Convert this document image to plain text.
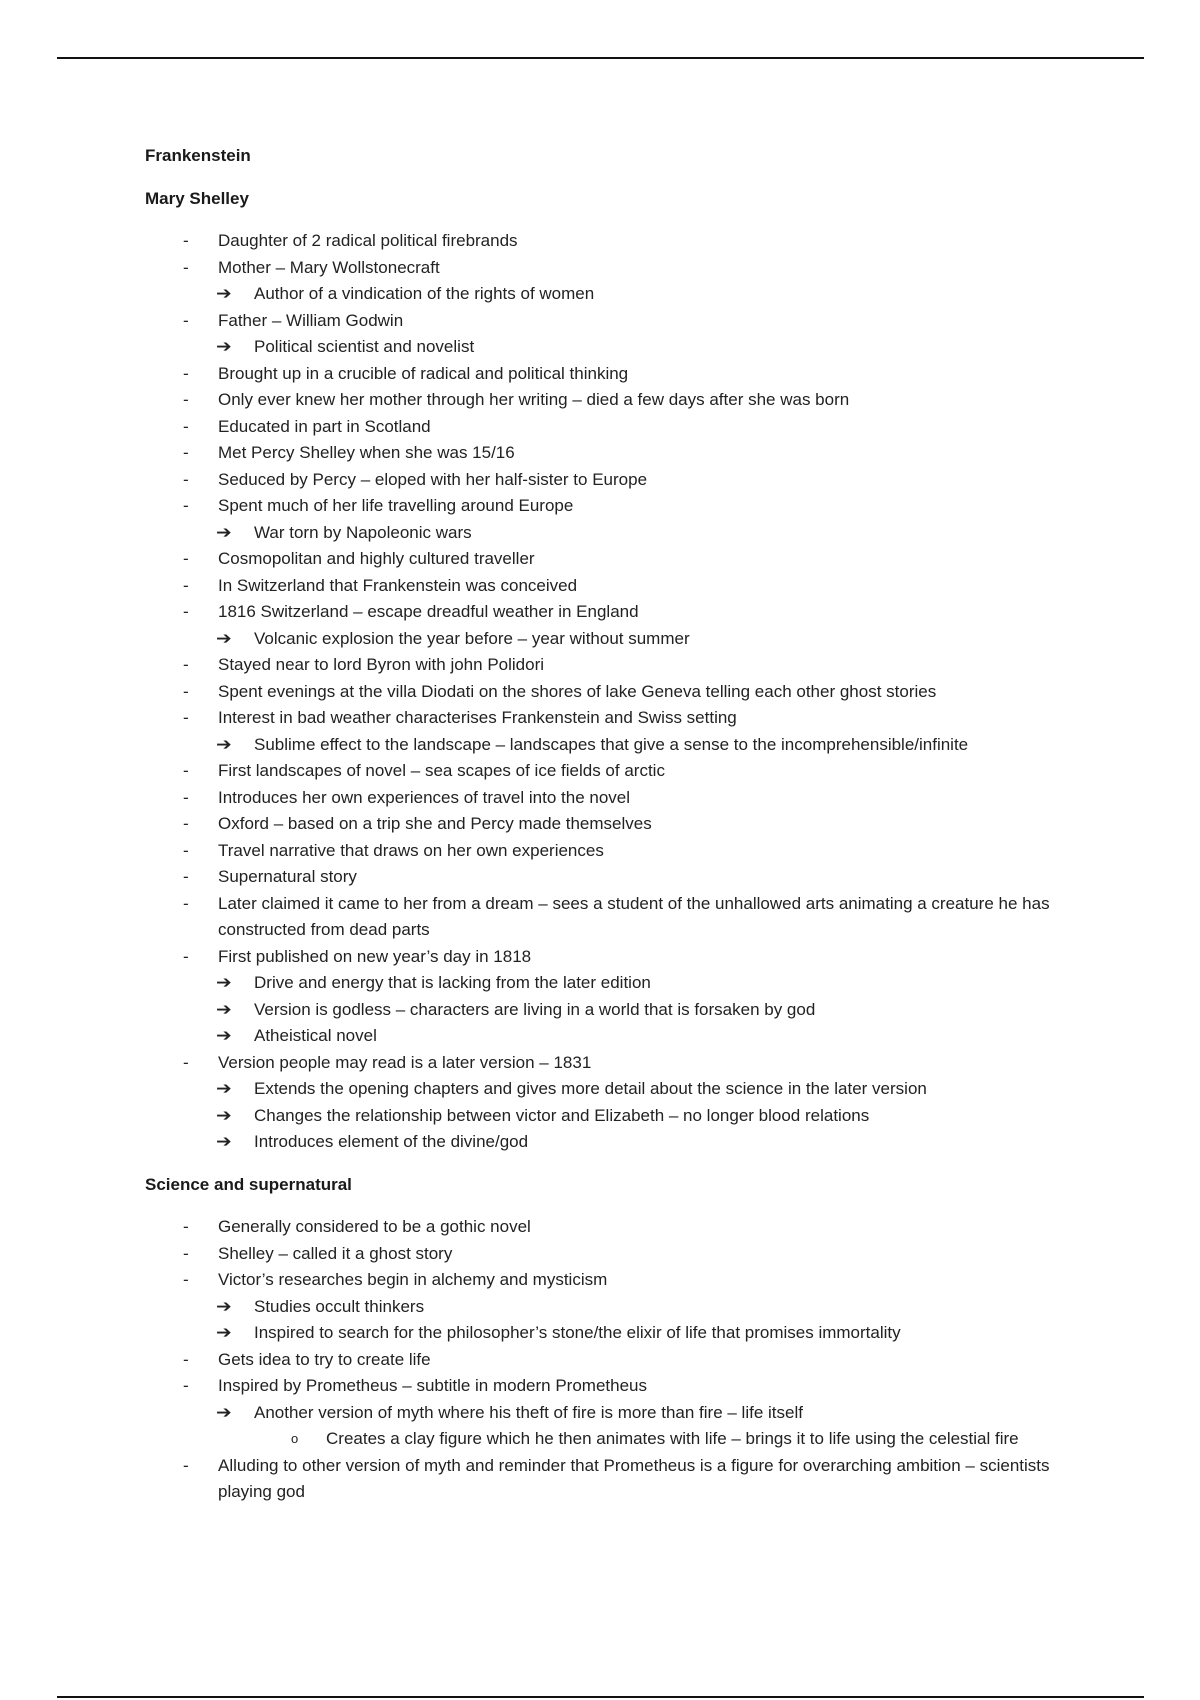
Frankenstein
Mary Shelley
-	Daughter of 2 radical political firebrands
-	Mother – Mary Wollstonecraft
➔	Author of a vindication of the rights of women
-	Father – William Godwin
➔	Political scientist and novelist
-	Brought up in a crucible of radical and political thinking
-	Only ever knew her mother through her writing – died a few days after she was born
-	Educated in part in Scotland
-	Met Percy Shelley when she was 15/16
-	Seduced by Percy – eloped with her half-sister to Europe
-	Spent much of her life travelling around Europe
➔	War torn by Napoleonic wars
-	Cosmopolitan and highly cultured traveller
-	In Switzerland that Frankenstein was conceived
-	1816 Switzerland – escape dreadful weather in England
➔	Volcanic explosion the year before – year without summer
-	Stayed near to lord Byron with john Polidori
-	Spent evenings at the villa Diodati on the shores of lake Geneva telling each other ghost stories
-	Interest in bad weather characterises Frankenstein and Swiss setting
➔	Sublime effect to the landscape – landscapes that give a sense to the incomprehensible/infinite
-	First landscapes of novel – sea scapes of ice fields of arctic
-	Introduces her own experiences of travel into the novel
-	Oxford – based on a trip she and Percy made themselves
-	Travel narrative that draws on her own experiences
-	Supernatural story
-	Later claimed it came to her from a dream – sees a student of the unhallowed arts animating a creature he has constructed from dead parts
-	First published on new year’s day in 1818
➔	Drive and energy that is lacking from the later edition
➔	Version is godless – characters are living in a world that is forsaken by god
➔	Atheistical novel
-	Version people may read is a later version – 1831
➔	Extends the opening chapters and gives more detail about the science in the later version
➔	Changes the relationship between victor and Elizabeth – no longer blood relations
➔	Introduces element of the divine/god
Science and supernatural
-	Generally considered to be a gothic novel
-	Shelley – called it a ghost story
-	Victor’s researches begin in alchemy and mysticism
➔	Studies occult thinkers
➔	Inspired to search for the philosopher’s stone/the elixir of life that promises immortality
-	Gets idea to try to create life
-	Inspired by Prometheus – subtitle in modern Prometheus
➔	Another version of myth where his theft of fire is more than fire – life itself
o	Creates a clay figure which he then animates with life – brings it to life using the celestial fire
-	Alluding to other version of myth and reminder that Prometheus is a figure for overarching ambition – scientists playing god
